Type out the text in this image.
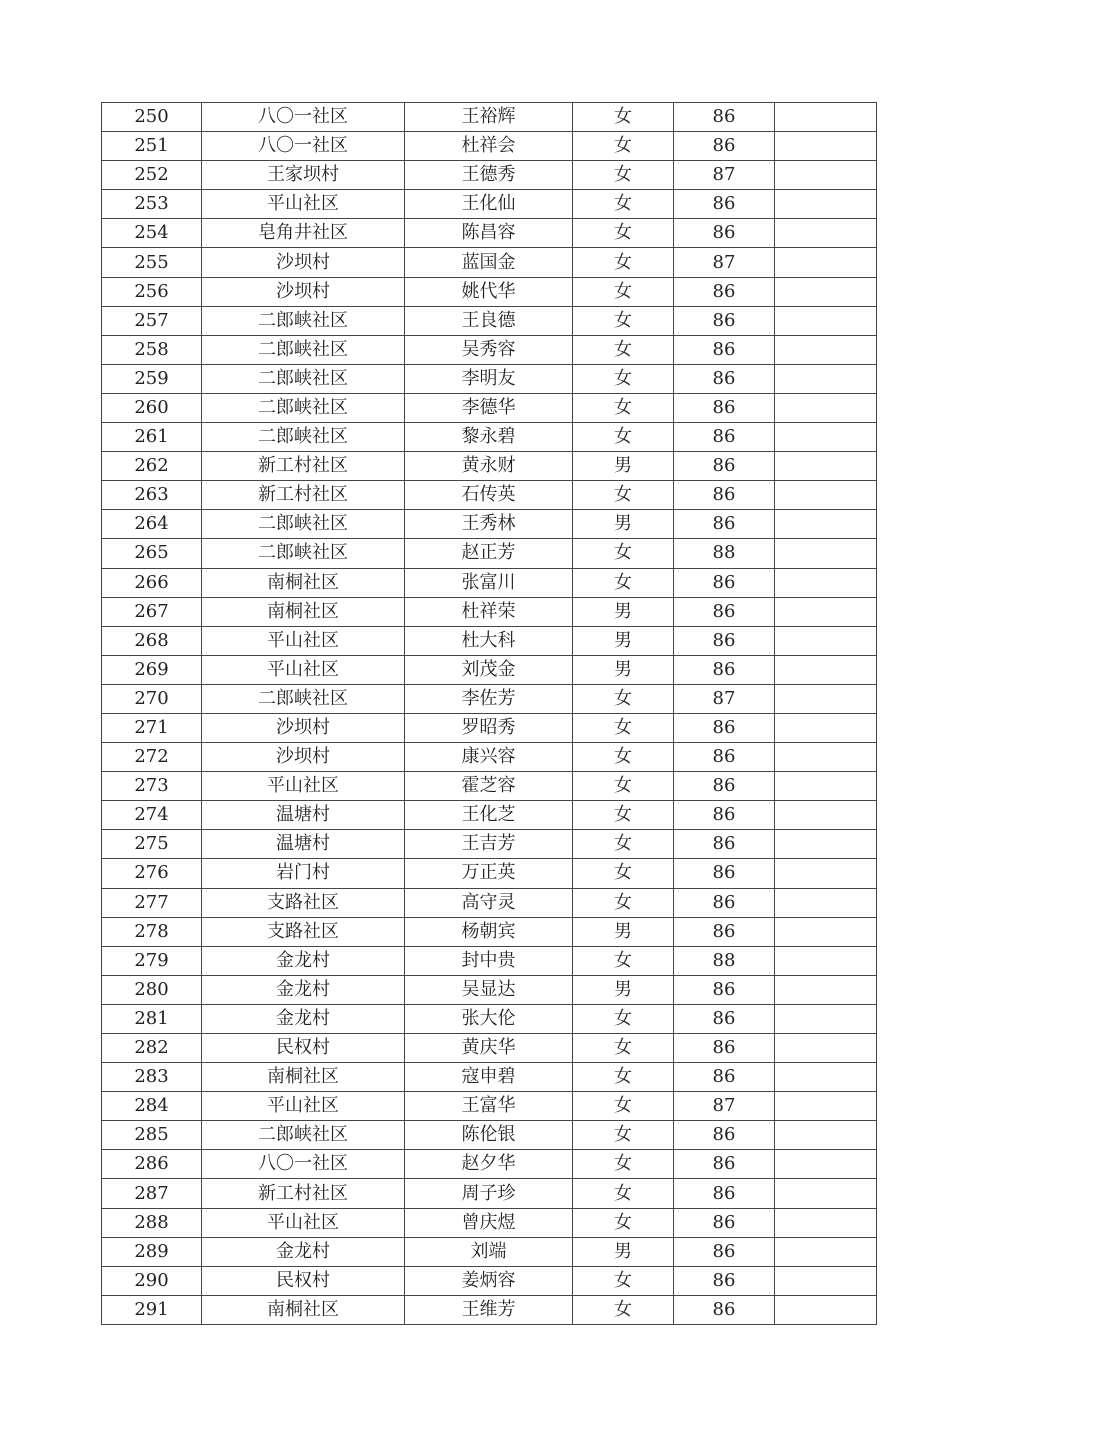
250	八〇一社区	王裕辉	女	86	
251	八〇一社区	杜祥会	女	86	
252	王家坝村	王德秀	女	87	
253	平山社区	王化仙	女	86	
254	皂角井社区	陈昌容	女	86	
255	沙坝村	蓝国金	女	87	
256	沙坝村	姚代华	女	86	
257	二郎峡社区	王良德	女	86	
258	二郎峡社区	吴秀容	女	86	
259	二郎峡社区	李明友	女	86	
260	二郎峡社区	李德华	女	86	
261	二郎峡社区	黎永碧	女	86	
262	新工村社区	黄永财	男	86	
263	新工村社区	石传英	女	86	
264	二郎峡社区	王秀林	男	86	
265	二郎峡社区	赵正芳	女	88	
266	南桐社区	张富川	女	86	
267	南桐社区	杜祥荣	男	86	
268	平山社区	杜大科	男	86	
269	平山社区	刘茂金	男	86	
270	二郎峡社区	李佐芳	女	87	
271	沙坝村	罗昭秀	女	86	
272	沙坝村	康兴容	女	86	
273	平山社区	霍芝容	女	86	
274	温塘村	王化芝	女	86	
275	温塘村	王吉芳	女	86	
276	岩门村	万正英	女	86	
277	支路社区	高守灵	女	86	
278	支路社区	杨朝宾	男	86	
279	金龙村	封中贵	女	88	
280	金龙村	吴显达	男	86	
281	金龙村	张大伦	女	86	
282	民权村	黄庆华	女	86	
283	南桐社区	寇申碧	女	86	
284	平山社区	王富华	女	87	
285	二郎峡社区	陈伦银	女	86	
286	八〇一社区	赵夕华	女	86	
287	新工村社区	周子珍	女	86	
288	平山社区	曾庆煜	女	86	
289	金龙村	刘端	男	86	
290	民权村	姜炳容	女	86	
291	南桐社区	王维芳	女	86	
